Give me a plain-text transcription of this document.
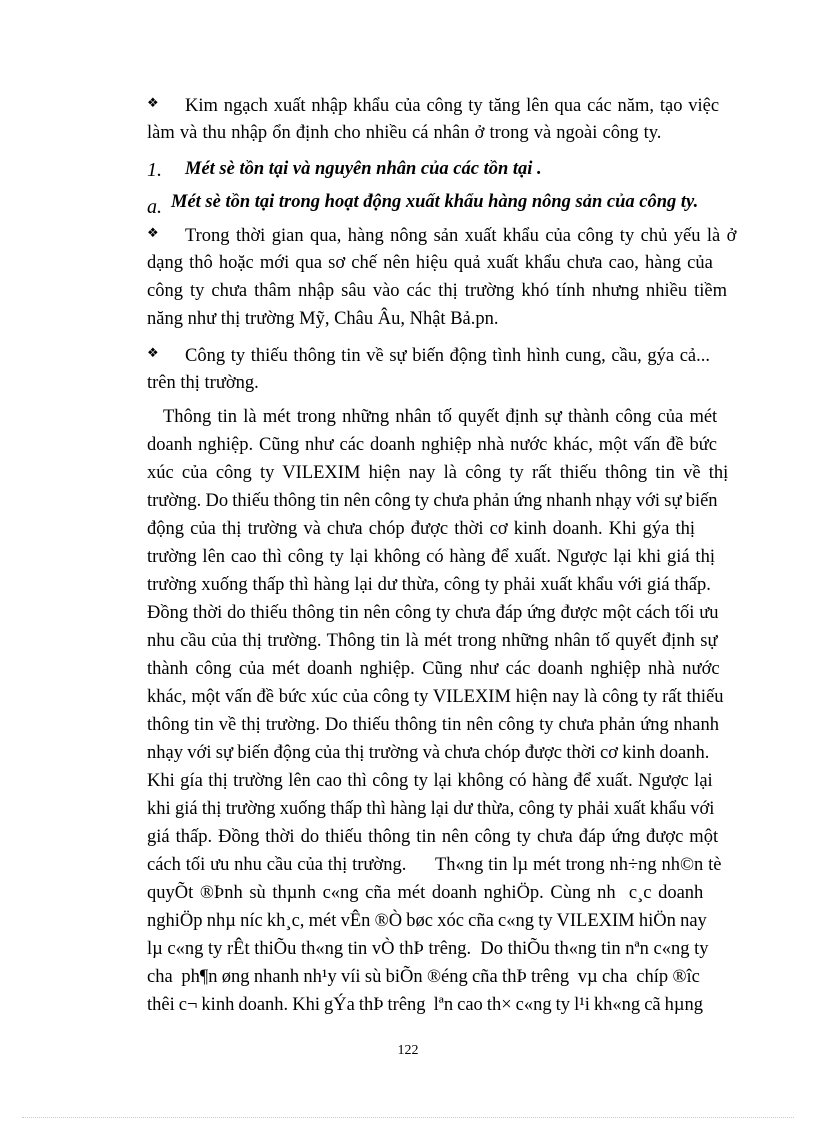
❖ Kim ngạch xuất nhập khẩu của công ty tăng lên qua các năm, tạo việc
làm và thu nhập ổn định cho nhiều cá nhân ở trong và ngoài công ty.
1. Mét sè tồn tại và nguyên nhân của các tồn tại .
a. Mét sè tồn tại trong hoạt động xuất khẩu hàng nông sản của công ty.
❖ Trong thời gian qua, hàng nông sản xuất khẩu của công ty chủ yếu là ở
dạng thô hoặc mới qua sơ chế nên hiệu quả xuất khẩu chưa cao, hàng của
công ty chưa thâm nhập sâu vào các thị trường khó tính nhưng nhiều tiềm
năng như thị trường Mỹ, Châu Âu, Nhật Bả.pn.
❖ Công ty thiếu thông tin về sự biến động tình hình cung, cầu, gýa cả...
trên thị trường.
Thông tin là mét trong những nhân tố quyết định sự thành công của mét
doanh nghiệp. Cũng như các doanh nghiệp nhà nước khác, một vấn đề bức
xúc của công ty VILEXIM hiện nay là công ty rất thiếu thông tin về thị
trường. Do thiếu thông tin nên công ty chưa phản ứng nhanh nhạy với sự biến
động của thị trường và chưa chóp được thời cơ kinh doanh. Khi gýa thị
trường lên cao thì công ty lại không có hàng để xuất. Ngược lại khi giá thị
trường xuống thấp thì hàng lại dư thừa, công ty phải xuất khẩu với giá thấp.
Đồng thời do thiếu thông tin nên công ty chưa đáp ứng được một cách tối ưu
nhu cầu của thị trường. Thông tin là mét trong những nhân tố quyết định sự
thành công của mét doanh nghiệp. Cũng như các doanh nghiệp nhà nước
khác, một vấn đề bức xúc của công ty VILEXIM hiện nay là công ty rất thiếu
thông tin về thị trường. Do thiếu thông tin nên công ty chưa phản ứng nhanh
nhạy với sự biến động của thị trường và chưa chóp được thời cơ kinh doanh.
Khi gía thị trường lên cao thì công ty lại không có hàng để xuất. Ngược lại
khi giá thị trường xuống thấp thì hàng lại dư thừa, công ty phải xuất khẩu với
giá thấp. Đồng thời do thiếu thông tin nên công ty chưa đáp ứng được một
cách tối ưu nhu cầu của thị trường.      Th«ng tin lµ mét trong nh÷ng nh©n tè
quyÕt ®Þnh sù thµnh c«ng cña mét doanh nghiÖp. Cùng nh  c¸c doanh
nghiÖp nhµ níc kh¸c, mét vÊn ®Ò bøc xóc cña c«ng ty VILEXIM hiÖn nay
lµ c«ng ty rÊt thiÕu th«ng tin vÒ thÞ trêng.  Do thiÕu th«ng tin nªn c«ng ty
cha  ph¶n øng nhanh nh¹y víi sù biÕn ®éng cña thÞ trêng  vµ cha  chíp ®îc
thêi c¬ kinh doanh. Khi gÝa thÞ trêng  lªn cao th× c«ng ty l¹i kh«ng cã hµng
122
